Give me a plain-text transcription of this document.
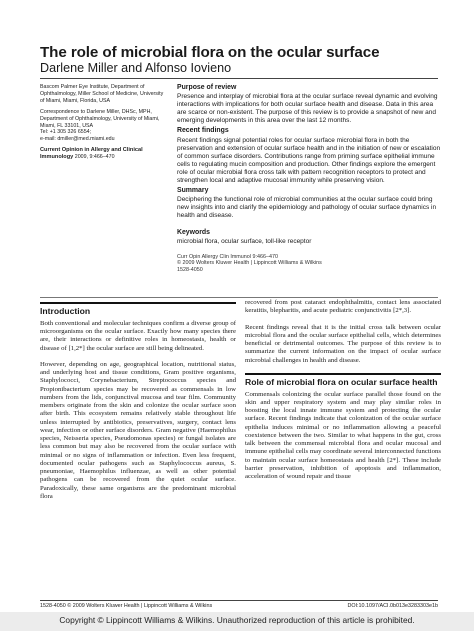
The role of microbial flora on the ocular surface
Darlene Miller and Alfonso Iovieno

Bascom Palmer Eye Institute, Department of Ophthalmology, Miller School of Medicine, University of Miami, Miami, Florida, USA

Correspondence to Darlene Miller, DHSc, MPH, Department of Ophthalmology, University of Miami, Miami, FL 33101, USA
Tel: +1 305 326 6554;
e-mail: dmiller@med.miami.edu

Current Opinion in Allergy and Clinical Immunology 2009, 9:466–470

Purpose of review

Presence and interplay of microbial flora at the ocular surface reveal dynamic and evolving interactions with implications for both ocular surface health and disease. Data in this area are scarce or non-existent. The purpose of this review is to provide a snapshot of new and emerging developments in this area over the last 12 months.

Recent findings

Recent findings signal potential roles for ocular surface microbial flora in both the preservation and extension of ocular surface health and in the initiation of new or escalation of common surface disorders. Contributions range from priming surface epithelial immune cells to regulating mucin composition and production. Other findings explore the emergent role of ocular microbial flora cross talk with pattern recognition receptors to protect and strengthen local and adaptive mucosal immunity while preserving vision.

Summary

Deciphering the functional role of microbial communities at the ocular surface could bring new insights into and clarify the epidemiology and pathology of ocular surface dynamics in health and disease.

Keywords

microbial flora, ocular surface, toll-like receptor

Curr Opin Allergy Clin Immunol 9:466–470

© 2009 Wolters Kluwer Health | Lippincott Williams & Wilkins

1528-4050

Introduction

Both conventional and molecular techniques confirm a diverse group of microorganisms on the ocular surface. Exactly how many species there are, their interactions or definitive roles in homeostasis, health or disease of [1,2*] the ocular surface are still being delineated.

However, depending on age, geographical location, nutritional status, and underlying host and tissue conditions, Gram positive organisms, Staphylococci, Corynebacterium, Streptococcus species and Propionibacterium species may be recovered as commensals in low numbers from the lids, conjunctival mucosa and tear film. Community members originate from the skin and colonize the ocular surface soon after birth. This ecosystem remains relatively stable throughout life unless interrupted by antibiotics, preservatives, surgery, contact lens wear, infection or other surface disorders. Gram negative (Haemophilus species, Neisseria species, Pseudomonas species) or fungal isolates are less common but may also be recovered from the ocular surface with minimal or no signs of inflammation or infection. Even less frequent, documented ocular pathogens such as Staphylococcus aureus, S. pneumoniae, Haemophilus influenzae, as well as other potential pathogens can be recovered from the quiet ocular surface. Paradoxically, these same organisms are the predominant microbial flora

recovered from post cataract endophthalmitis, contact lens associated keratitis, blepharitis, and acute pediatric conjunctivitis [2*,3].

Recent findings reveal that it is the initial cross talk between ocular microbial flora and the ocular surface epithelial cells, which determines beneficial or detrimental outcomes. The purpose of this review is to summarize the current information on the impact of ocular surface microbial challenges in health and disease.

Role of microbial flora on ocular surface health

Commensals colonizing the ocular surface parallel those found on the skin and upper respiratory system and may play similar roles in boosting the local innate immune system and protecting the ocular surface. Recent findings indicate that colonization of the ocular surface epithelia induces minimal or no inflammation allowing a peaceful coexistence between the two. Similar to what happens in the gut, cross talk between the commensal microbial flora and ocular mucosal and immune epithelial cells may coordinate several interconnected functions to maintain ocular surface homeostasis and health [2*]. These include barrier preservation, inhibition of apoptosis and inflammation, acceleration of wound repair and tissue

1528-4050 © 2009 Wolters Kluwer Health | Lippincott Williams & Wilkins	DOI:10.1097/ACI.0b013e3283303e1b
Copyright © Lippincott Williams & Wilkins. Unauthorized reproduction of this article is prohibited.
